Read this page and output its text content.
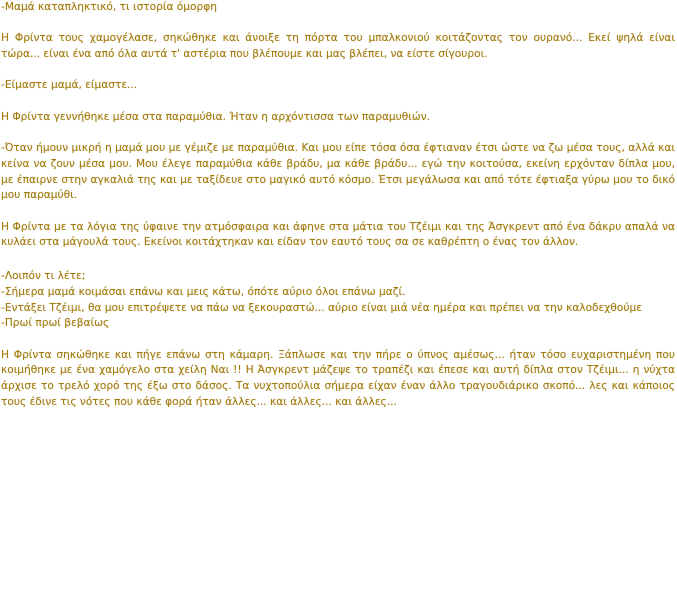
-Μαμά καταπληκτικό, τι ιστορία όμορφη

Η Φρίντα τους χαμογέλασε, σηκώθηκε και άνοιξε τη πόρτα του μπαλκονιού κοιτάζοντας τον ουρανό... Εκεί ψηλά είναι τώρα... είναι ένα από όλα αυτά τ' αστέρια που βλέπουμε και μας βλέπει, να είστε σίγουροι.

-Είμαστε μαμά, είμαστε...

Η Φρίντα γεννήθηκε μέσα στα παραμύθια. Ήταν η αρχόντισσα των παραμυθιών.

-Όταν ήμουν μικρή η μαμά μου με γέμιζε με παραμύθια. Και μου είπε τόσα όσα έφτιαναν έτσι ώστε να ζω μέσα τους, αλλά και κείνα να ζουν μέσα μου. Μου έλεγε παραμύθια κάθε βράδυ, μα κάθε βράδυ... εγώ την κοιτούσα, εκείνη ερχόνταν δίπλα μου, με έπαιρνε στην αγκαλιά της και με ταξίδευε στο μαγικό αυτό κόσμο. Έτσι μεγάλωσα και από τότε έφτιαξα γύρω μου το δικό μου παραμύθι.

Η Φρίντα με τα λόγια της ύφαινε την ατμόσφαιρα και άφηνε στα μάτια του Τζέιμι και της Άσγκρεντ από ένα δάκρυ απαλά να κυλάει στα μάγουλά τους. Εκείνοι κοιτάχτηκαν και είδαν τον εαυτό τους σα σε καθρέπτη ο ένας τον άλλον.

-Λοιπόν τι λέτε;

-Σήμερα μαμά κοιμάσαι επάνω και μεις κάτω, όπότε αύριο όλοι επάνω μαζί.

-Εντάξει Τζέιμι, θα μου επιτρέψετε να πάω να ξεκουραστώ... αύριο είναι μιά νέα ημέρα και πρέπει να την καλοδεχθούμε

-Πρωί πρωί βεβαίως

Η Φρίντα σηκώθηκε και πήγε επάνω στη κάμαρη. Ξάπλωσε και την πήρε ο ύπνος αμέσως... ήταν τόσο ευχαριστημένη που κοιμήθηκε με ένα χαμόγελο στα χείλη Ναι !! Η Άσγκρεντ μάζεψε το τραπέζι και έπεσε και αυτή δίπλα στον Τζέιμι... η νύχτα άρχισε το τρελό χορό της έξω στο δάσος. Τα νυχτοπούλια σήμερα είχαν έναν άλλο τραγουδιάρικο σκοπό... λες και κάποιος τους έδινε τις νότες που κάθε φορά ήταν άλλες... και άλλες... και άλλες...
